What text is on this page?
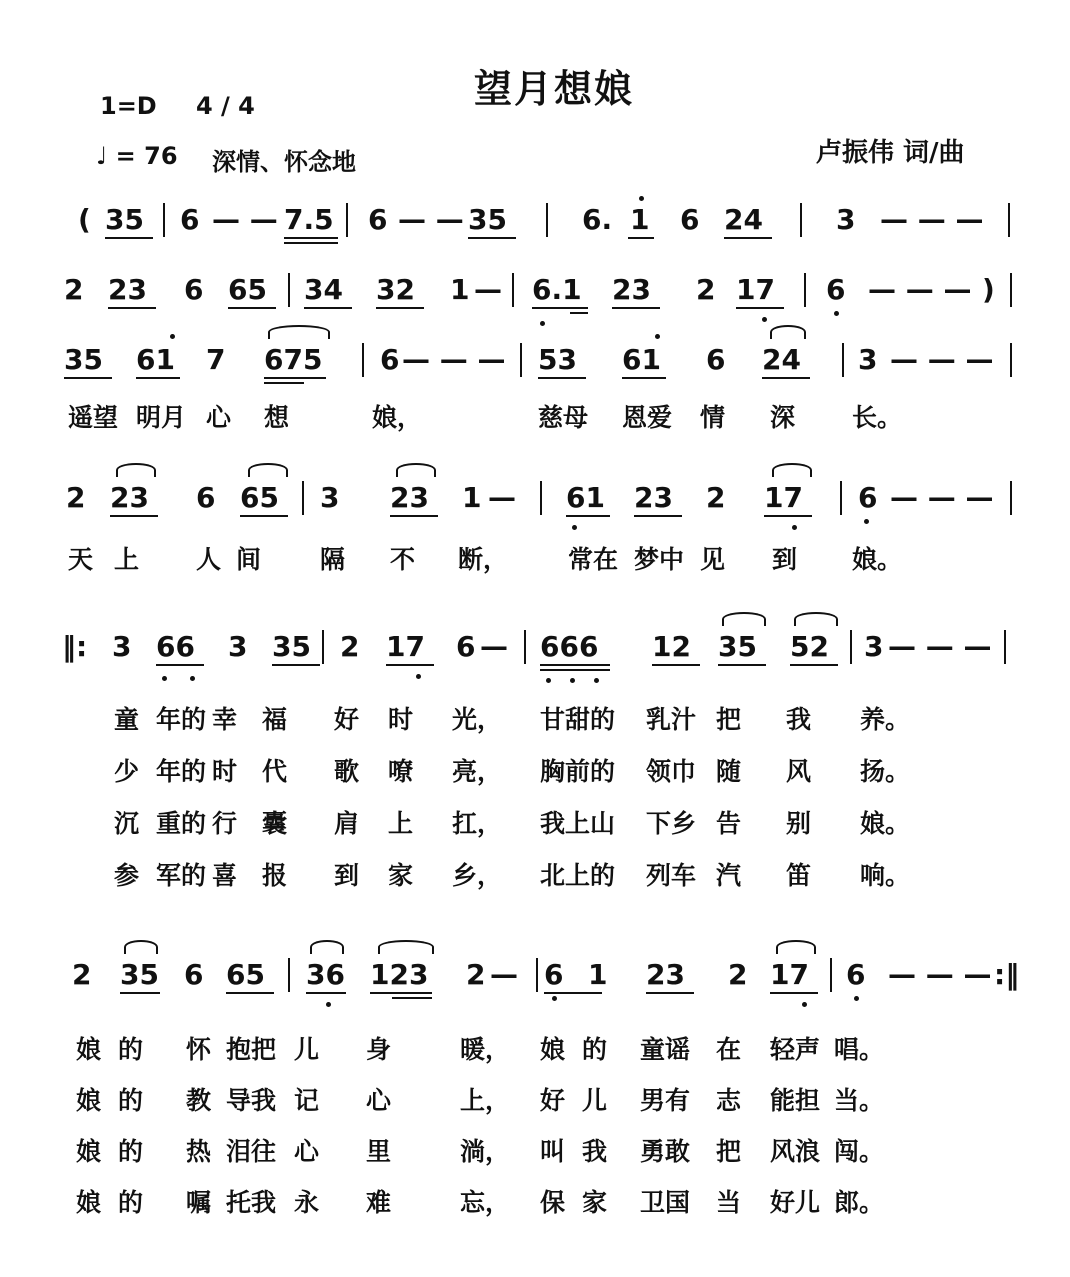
望月想娘
1=D 4 / 4
♩ = 76 深情、怀念地	卢振伟 词/曲
( 35 6 — — 7.5 6 — — 35	6. 1 6 24	3 — — —
2 23 6 65 34 32 1 — 6.1 23 2 17 6 — — — )
35 61 7 675 6 — — — 53 61 6 24 3 — — —
遥望 明月 心 想	娘，	慈母 恩爱 情 深 长。
2 23 6 65 3 23 1 — 61 23 2 17 6 — — —
天 上 人 间 隔 不 断， 常在 梦中 见 到 娘。
‖: 3 66 3 35 2 17 6 — 666 12 35 52 3 — — —
童 年的 幸 福 好 时 光， 甘甜的 乳汁 把 我 养。
少 年的 时 代 歌 嘹 亮， 胸前的 领巾 随 风 扬。
沉 重的 行 囊 肩 上 扛， 我上山 下乡 告 别 娘。
参 军的 喜 报 到 家 乡， 北上的 列车 汽 笛 响。
2 35 6 65 36 123 2 — 6 1 23 2 17 6 — — — :‖
娘 的 怀 抱把 儿 身	暖， 娘 的 童谣 在 轻声 唱。
娘 的 教 导我 记 心	上， 好 儿 男有 志 能担 当。
娘 的 热 泪往 心 里	淌， 叫 我 勇敢 把 风浪 闯。
娘 的 嘱 托我 永 难	忘， 保 家 卫国 当 好儿 郎。
